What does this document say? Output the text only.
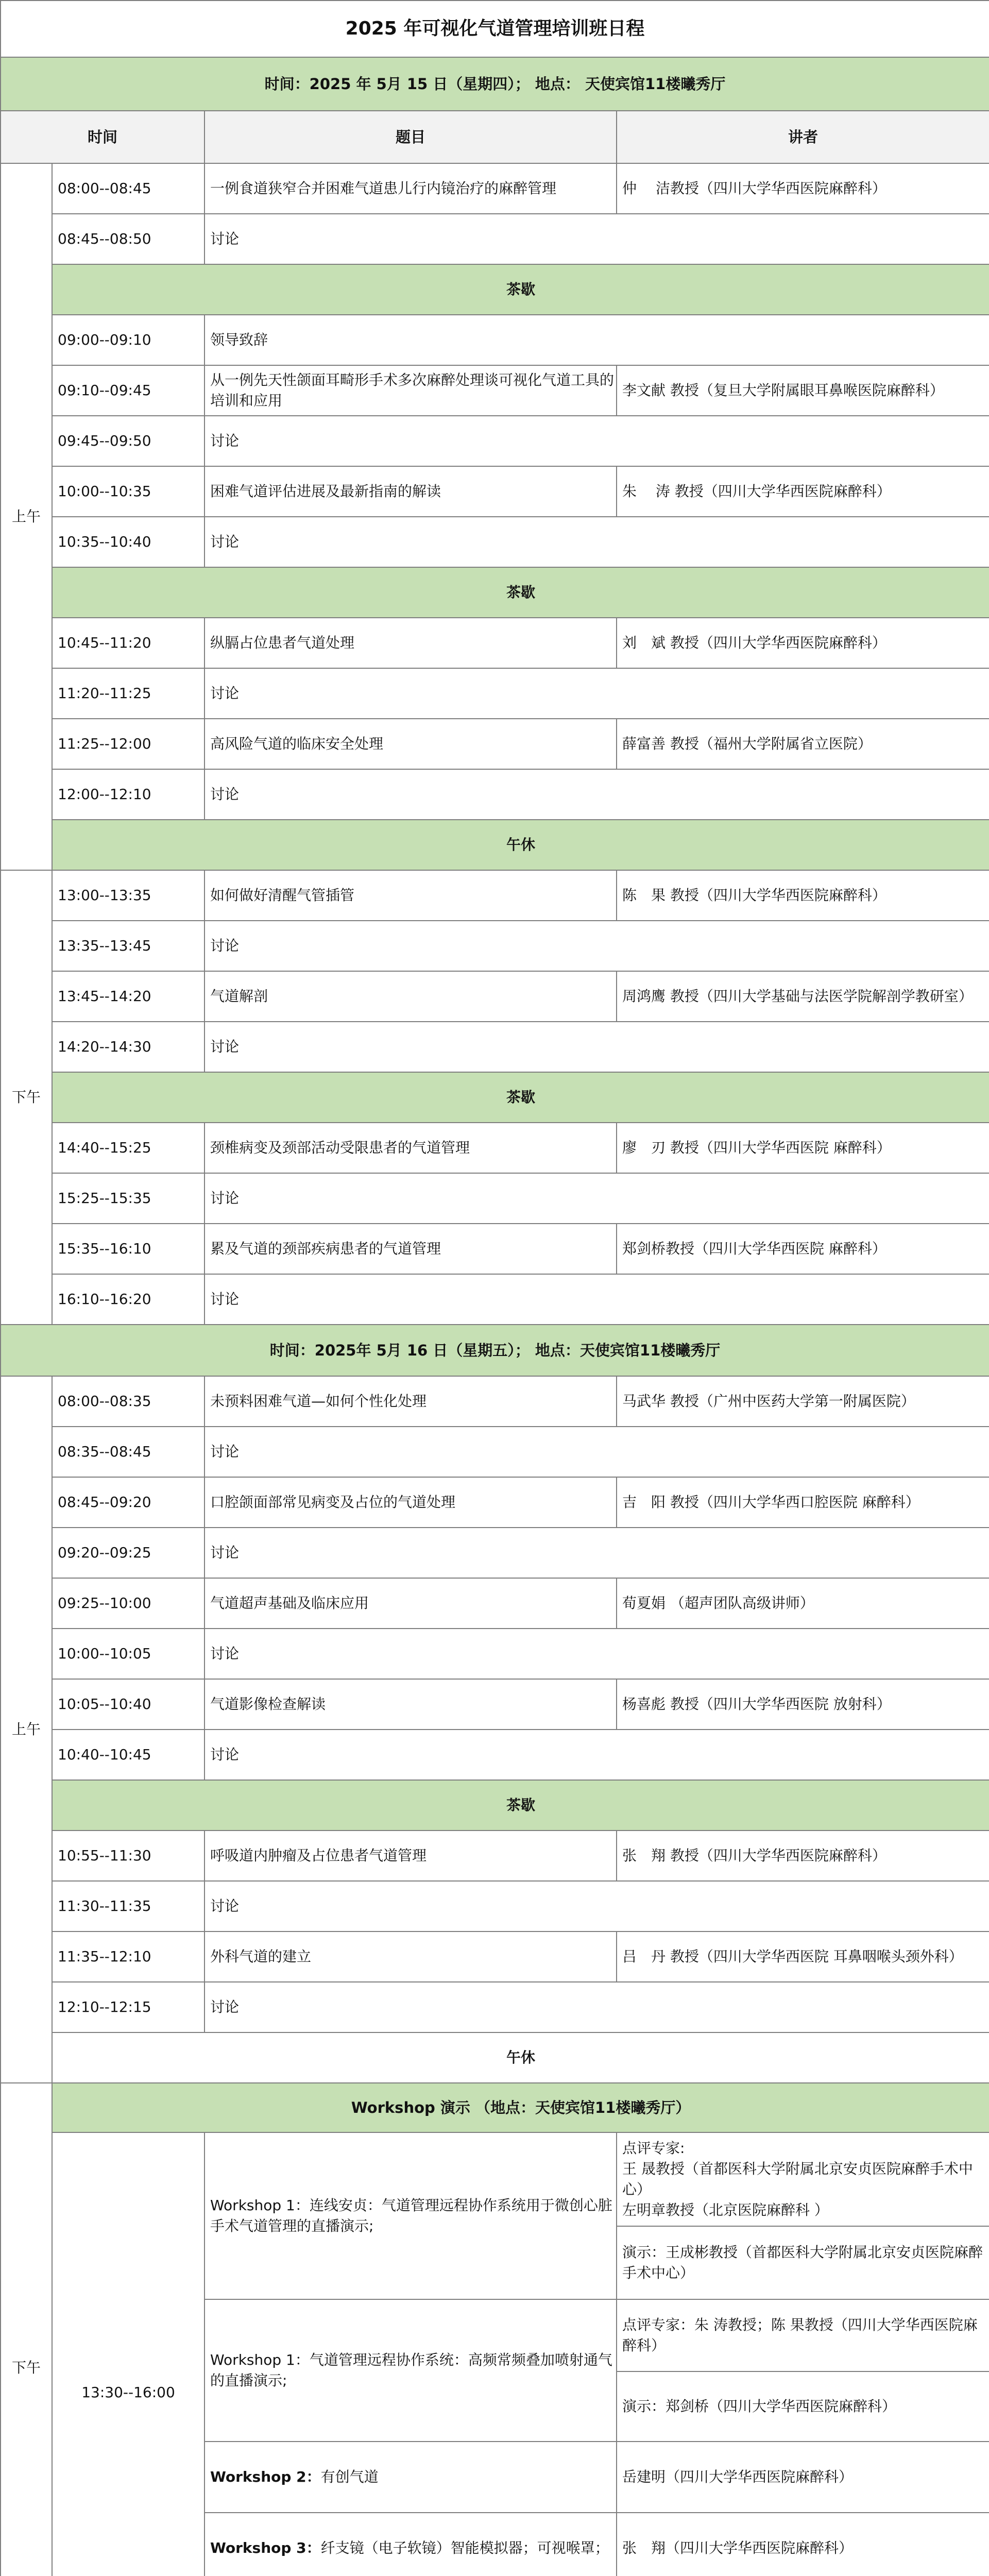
2025 年可视化气道管理培训班日程			
时间：2025 年 5月 15 日（星期四）； 地点： 天使宾馆11楼曦秀厅			
时间		题目	讲者
上午	08:00--08:45	一例食道狭窄合并困难气道患儿行内镜治疗的麻醉管理	仲　 洁教授（四川大学华西医院麻醉科）
	08:45--08:50	讨论	
	茶歇		
	09:00--09:10	领导致辞	
	09:10--09:45	从一例先天性颌面耳畸形手术多次麻醉处理谈可视化气道工具的培训和应用	李文献 教授（复旦大学附属眼耳鼻喉医院麻醉科）
	09:45--09:50	讨论	
	10:00--10:35	困难气道评估进展及最新指南的解读	朱　 涛 教授（四川大学华西医院麻醉科）
	10:35--10:40	讨论	
	茶歇		
	10:45--11:20	纵膈占位患者气道处理	刘　斌 教授（四川大学华西医院麻醉科）
	11:20--11:25	讨论	
	11:25--12:00	高风险气道的临床安全处理	薛富善 教授（福州大学附属省立医院）
	12:00--12:10	讨论	
	午休		
下午	13:00--13:35	如何做好清醒气管插管	陈　果 教授（四川大学华西医院麻醉科）
	13:35--13:45	讨论	
	13:45--14:20	气道解剖	周鸿鹰 教授（四川大学基础与法医学院解剖学教研室）
	14:20--14:30	讨论	
	茶歇		
	14:40--15:25	颈椎病变及颈部活动受限患者的气道管理	廖　刃 教授（四川大学华西医院 麻醉科）
	15:25--15:35	讨论	
	15:35--16:10	累及气道的颈部疾病患者的气道管理	郑剑桥教授（四川大学华西医院 麻醉科）
	16:10--16:20	讨论	
时间：2025年 5月 16 日（星期五）； 地点：天使宾馆11楼曦秀厅			
上午	08:00--08:35	未预料困难气道—如何个性化处理	马武华 教授（广州中医药大学第一附属医院）
	08:35--08:45	讨论	
	08:45--09:20	口腔颌面部常见病变及占位的气道处理	吉　阳 教授（四川大学华西口腔医院 麻醉科）
	09:20--09:25	讨论	
	09:25--10:00	气道超声基础及临床应用	荀夏娟 （超声团队高级讲师）
	10:00--10:05	讨论	
	10:05--10:40	气道影像检查解读	杨喜彪 教授（四川大学华西医院 放射科）
	10:40--10:45	讨论	
	茶歇		
	10:55--11:30	呼吸道内肿瘤及占位患者气道管理	张　翔 教授（四川大学华西医院麻醉科）
	11:30--11:35	讨论	
	11:35--12:10	外科气道的建立	吕　丹 教授（四川大学华西医院 耳鼻咽喉头颈外科）
	12:10--12:15	讨论	
	午休		
下午	Workshop 演示 （地点：天使宾馆11楼曦秀厅）		
	13:30--16:00	Workshop 1：连线安贞：气道管理远程协作系统用于微创心脏手术气道管理的直播演示;	点评专家:
王 晟教授（首都医科大学附属北京安贞医院麻醉手术中心）
左明章教授（北京医院麻醉科 ）

			演示：王成彬教授（首都医科大学附属北京安贞医院麻醉手术中心）
		Workshop 1：气道管理远程协作系统：高频常频叠加喷射通气的直播演示;	点评专家：朱 涛教授；陈 果教授（四川大学华西医院麻醉科）
			演示：郑剑桥（四川大学华西医院麻醉科）
		Workshop 2：有创气道	岳建明（四川大学华西医院麻醉科）
		Workshop 3：纤支镜（电子软镜）智能模拟器；可视喉罩；	张　翔（四川大学华西医院麻醉科）
